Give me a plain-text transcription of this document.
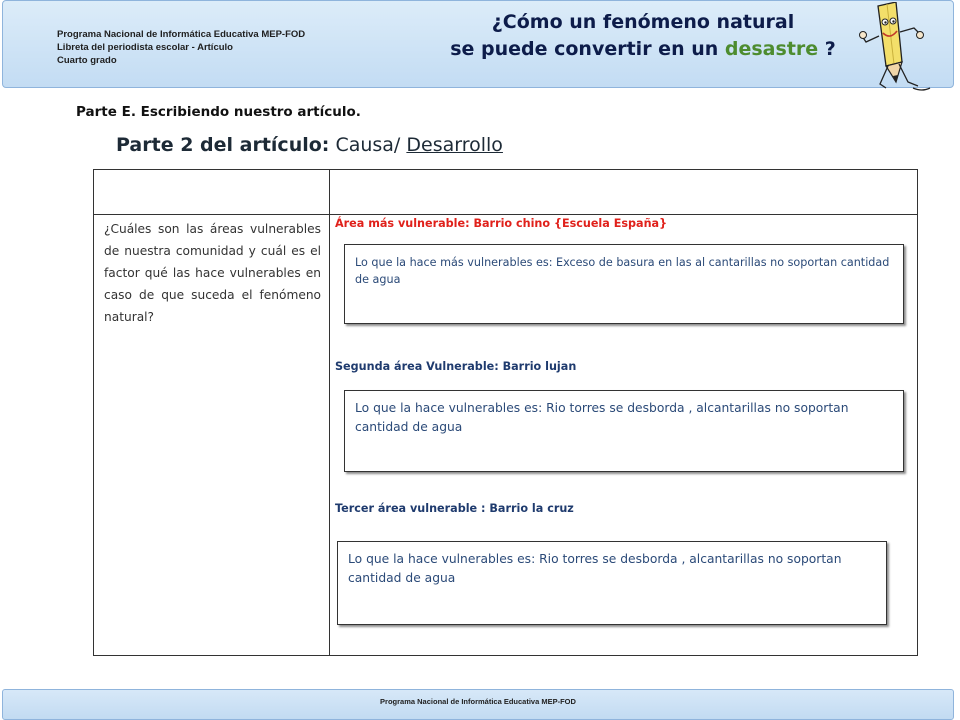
Programa Nacional de Informática Educativa MEP-FOD
Libreta del periodista escolar - Artículo
Cuarto grado
¿Cómo un fenómeno natural
se puede convertir en un desastre ?
Parte E. Escribiendo nuestro artículo.
Parte 2 del artículo: Causa/ Desarrollo
¿Cuáles son las áreas vulnerables de nuestra comunidad y cuál es el factor qué las hace vulnerables en caso de que suceda el fenómeno natural?
Área más vulnerable: Barrio chino {Escuela España}
Lo que la hace más vulnerables es: Exceso de basura en las al cantarillas no soportan cantidad de agua
Segunda área Vulnerable: Barrio lujan
Lo que la hace vulnerables es: Rio torres se desborda , alcantarillas no soportan cantidad de agua
Tercer área vulnerable : Barrio la cruz
Lo que la hace vulnerables es: Rio torres se desborda , alcantarillas no soportan cantidad de agua
Programa Nacional de Informática Educativa MEP-FOD
